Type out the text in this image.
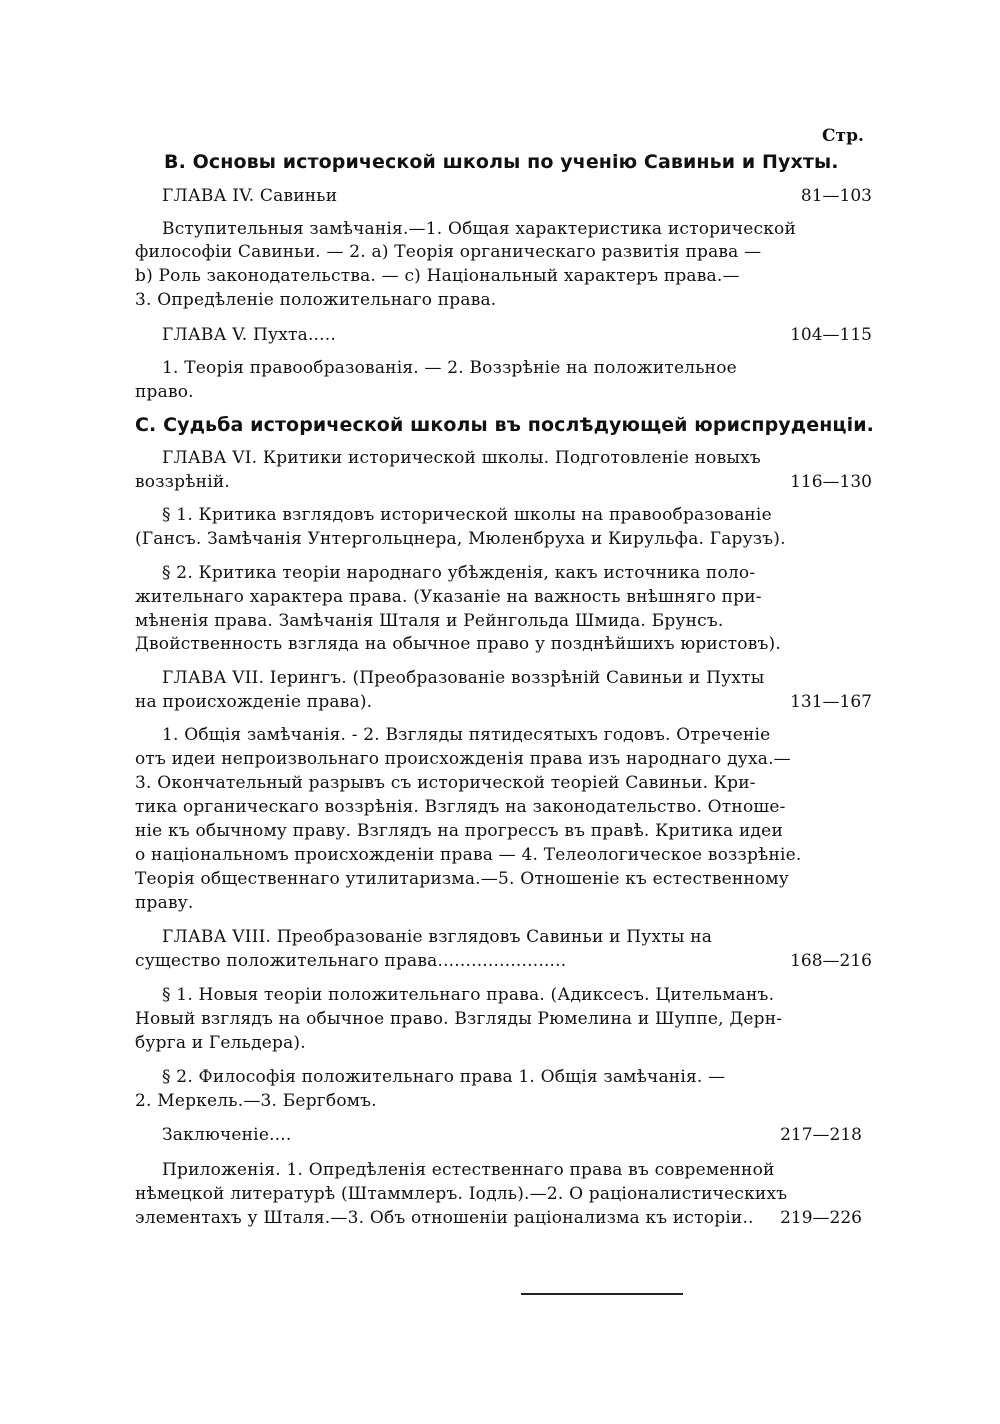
Стр.
B. Основы исторической школы по ученiю Савиньи и Пухты.
ГЛАВА IV. Савиньи	81—103
Вступительныя замѣчанiя.—1. Общая характеристика исторической
философiи Савиньи. — 2. a) Теорiя органическаго развитiя права —
b) Роль законодательства. — c) Нацiональный характеръ права.—
3. Опредѣленiе положительнаго права.
ГЛАВА V. Пухта.....	104—115
1. Теорiя правообразованiя. — 2. Воззрѣнiе на положительное
право.
C. Судьба исторической школы въ послѣдующей юриспруденцiи.
ГЛАВА VI. Критики исторической школы. Подготовленiе новыхъ
воззрѣнiй.	116—130
§ 1. Критика взглядовъ исторической школы на правообразованiе
(Гансъ. Замѣчанiя Унтергольцнера, Мюленбруха и Кирульфа. Гарузъ).
§ 2. Критика теорiи народнаго убѣжденiя, какъ источника поло-
жительнаго характера права. (Указанiе на важность внѣшняго при-
мѣненiя права. Замѣчанiя Шталя и Рейнгольда Шмида. Брунсъ.
Двойственность взгляда на обычное право у позднѣйшихъ юристовъ).
ГЛАВА VII. Iерингъ. (Преобразованiе воззрѣнiй Савиньи и Пухты
на происхожденiе права).	131—167
1. Общiя замѣчанiя. - 2. Взгляды пятидесятыхъ годовъ. Отреченiе
отъ идеи непроизвольнаго происхожденiя права изъ народнаго духа.—
3. Окончательный разрывъ съ исторической теорiей Савиньи. Кри-
тика органическаго воззрѣнiя. Взглядъ на законодательство. Отноше-
нiе къ обычному праву. Взглядъ на прогрессъ въ правѣ. Критика идеи
о нацiональномъ происхожденiи права — 4. Телеологическое воззрѣнiе.
Теорiя общественнаго утилитаризма.—5. Отношенiе къ естественному
праву.
ГЛАВА VIII. Преобразованiе взглядовъ Савиньи и Пухты на
существо положительнаго права.......................	168—216
§ 1. Новыя теорiи положительнаго права. (Адиксесъ. Цительманъ.
Новый взглядъ на обычное право. Взгляды Рюмелина и Шуппе, Дерн-
бурга и Гельдера).
§ 2. Философiя положительнаго права 1. Общiя замѣчанiя. —
2. Меркель.—3. Бергбомъ.
Заключенiе....	217—218
Приложенiя. 1. Опредѣленiя естественнаго права въ современной
нѣмецкой литературѣ (Штаммлеръ. Iодль).—2. О рацiоналистическихъ
элементахъ у Шталя.—3. Объ отношенiи рацiонализма къ исторiи..	219—226
